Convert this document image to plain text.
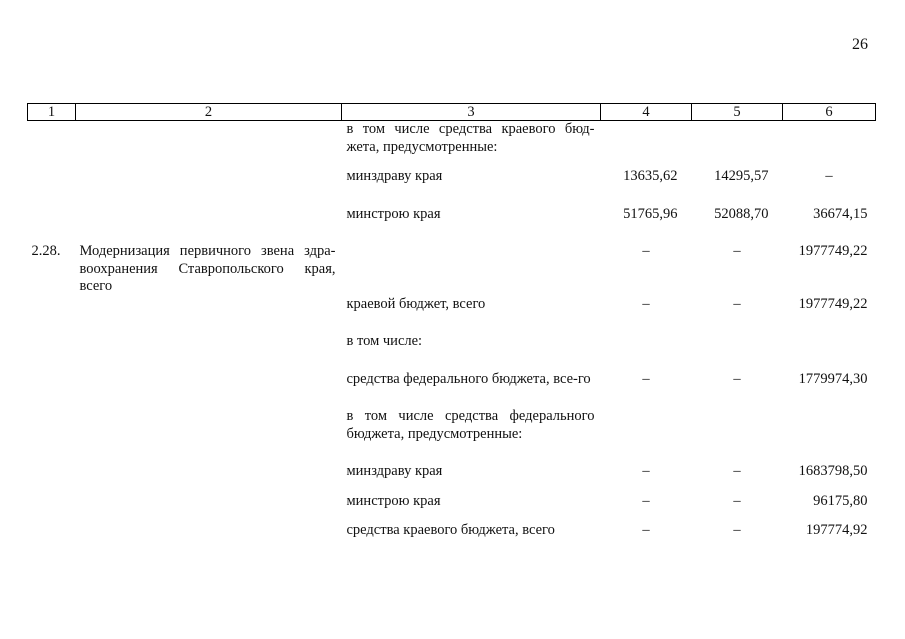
26
1	2	3	4	5	6
		в том числе средства краевого бюд-жета, предусмотренные:			
		минздраву края	13635,62	14295,57	–
		минстрою края	51765,96	52088,70	36674,15
2.28.	Модернизация первичного звена здра-воохранения Ставропольского края, всего		–	–	1977749,22
		краевой бюджет, всего	–	–	1977749,22
		в том числе:			
		средства федерального бюджета, все-го	–	–	1779974,30
		в том числе средства федерального бюджета, предусмотренные:			
		минздраву края	–	–	1683798,50
		минстрою края	–	–	96175,80
		средства краевого бюджета, всего	–	–	197774,92
